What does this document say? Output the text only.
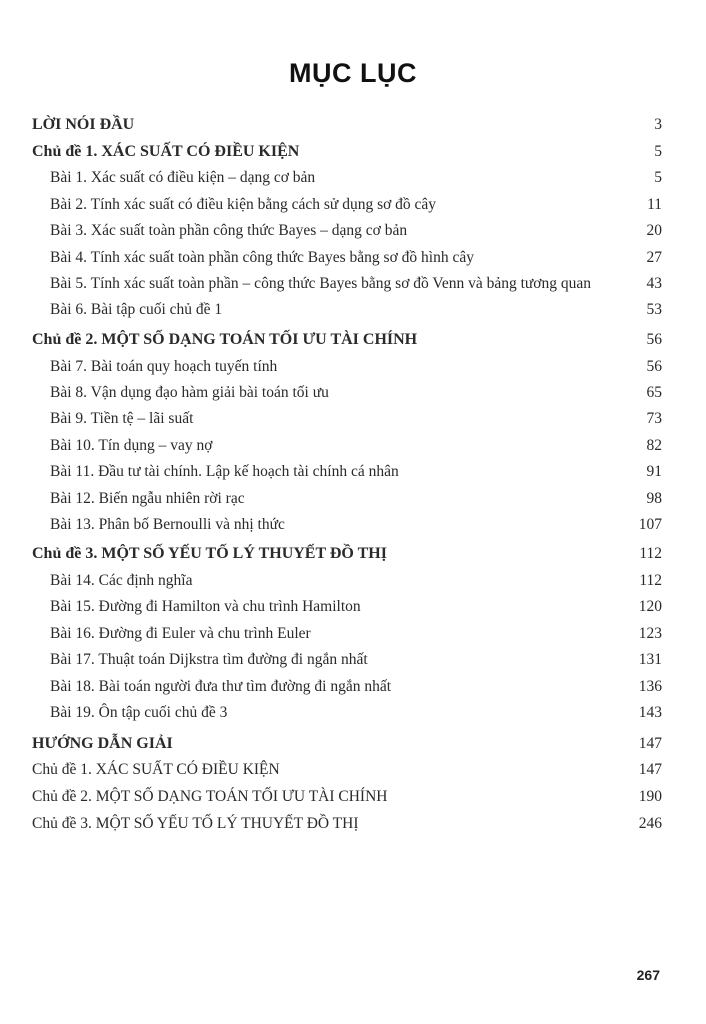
MỤC LỤC
LỜI NÓI ĐẦU	3
Chủ đề 1. XÁC SUẤT CÓ ĐIỀU KIỆN	5
Bài 1. Xác suất có điều kiện – dạng cơ bản	5
Bài 2. Tính xác suất có điều kiện bằng cách sử dụng sơ đồ cây	11
Bài 3. Xác suất toàn phần công thức Bayes – dạng cơ bản	20
Bài 4. Tính xác suất toàn phần công thức Bayes bằng sơ đồ hình cây	27
Bài 5. Tính xác suất toàn phần – công thức Bayes bằng sơ đồ Venn và bảng tương quan	43
Bài 6. Bài tập cuối chủ đề 1	53
Chủ đề 2. MỘT SỐ DẠNG TOÁN TỐI ƯU TÀI CHÍNH	56
Bài 7. Bài toán quy hoạch tuyến tính	56
Bài 8. Vận dụng đạo hàm giải bài toán tối ưu	65
Bài 9. Tiền tệ – lãi suất	73
Bài 10. Tín dụng – vay nợ	82
Bài 11. Đầu tư tài chính. Lập kế hoạch tài chính cá nhân	91
Bài 12. Biến ngẫu nhiên rời rạc	98
Bài 13. Phân bố Bernoulli và nhị thức	107
Chủ đề 3. MỘT SỐ YẾU TỐ LÝ THUYẾT ĐỒ THỊ	112
Bài 14. Các định nghĩa	112
Bài 15. Đường đi Hamilton và chu trình Hamilton	120
Bài 16. Đường đi Euler và chu trình Euler	123
Bài 17. Thuật toán Dijkstra tìm đường đi ngắn nhất	131
Bài 18. Bài toán người đưa thư tìm đường đi ngắn nhất	136
Bài 19. Ôn tập cuối chủ đề 3	143
HƯỚNG DẪN GIẢI	147
Chủ đề 1. XÁC SUẤT CÓ ĐIỀU KIỆN	147
Chủ đề 2. MỘT SỐ DẠNG TOÁN TỐI ƯU TÀI CHÍNH	190
Chủ đề 3. MỘT SỐ YẾU TỐ LÝ THUYẾT ĐỒ THỊ	246
267
